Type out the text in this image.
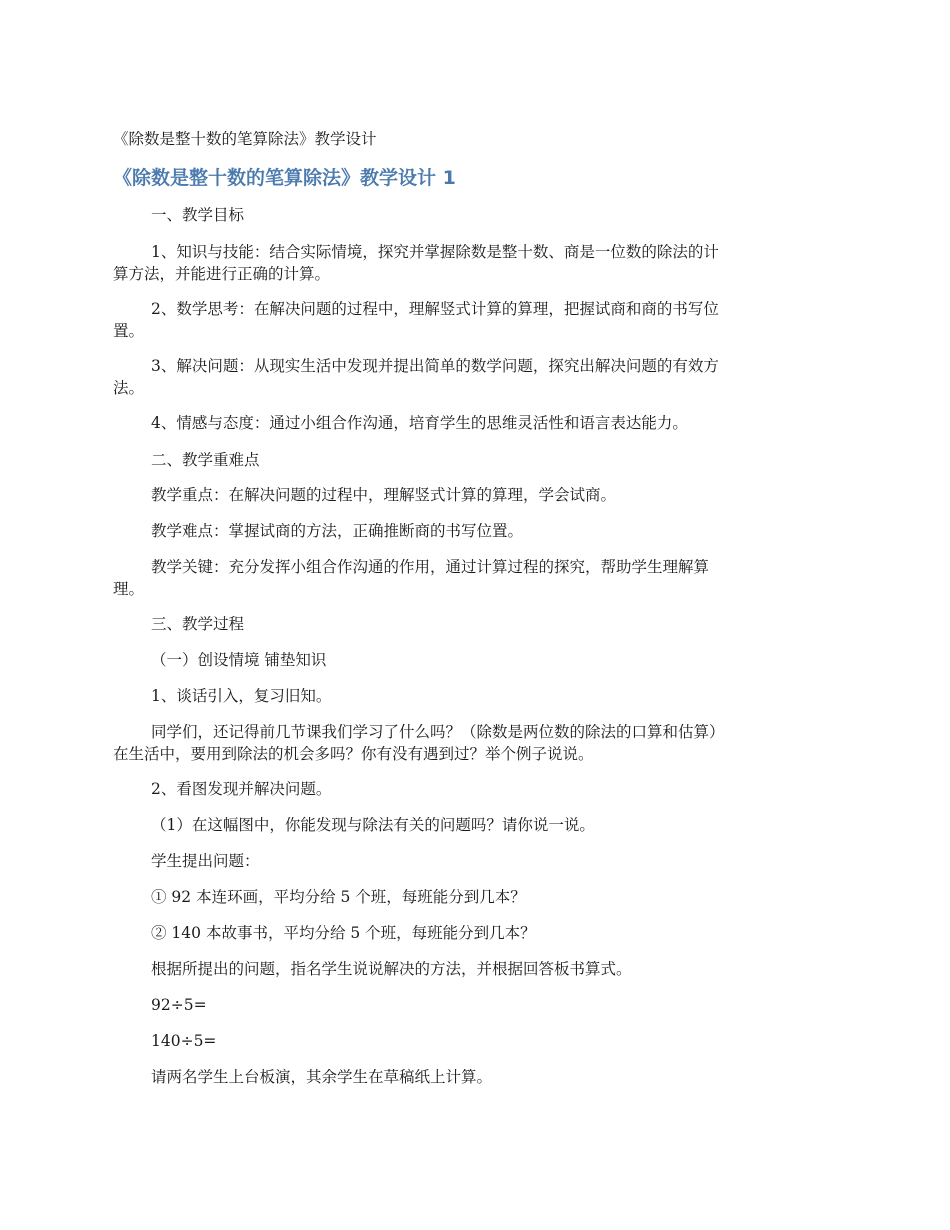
《除数是整十数的笔算除法》教学设计
《除数是整十数的笔算除法》教学设计 1
一、教学目标
1、知识与技能：结合实际情境，探究并掌握除数是整十数、商是一位数的除法的计
算方法，并能进行正确的计算。
2、数学思考：在解决问题的过程中，理解竖式计算的算理，把握试商和商的书写位
置。
3、解决问题：从现实生活中发现并提出简单的数学问题，探究出解决问题的有效方
法。
4、情感与态度：通过小组合作沟通，培育学生的思维灵活性和语言表达能力。
二、教学重难点
教学重点：在解决问题的过程中，理解竖式计算的算理，学会试商。
教学难点：掌握试商的方法，正确推断商的书写位置。
教学关键：充分发挥小组合作沟通的作用，通过计算过程的探究，帮助学生理解算
理。
三、教学过程
（一）创设情境 铺垫知识
1、谈话引入，复习旧知。
同学们，还记得前几节课我们学习了什么吗？（除数是两位数的除法的口算和估算）
在生活中，要用到除法的机会多吗？你有没有遇到过？举个例子说说。
2、看图发现并解决问题。
（1）在这幅图中，你能发现与除法有关的问题吗？请你说一说。
学生提出问题：
① 92 本连环画，平均分给 5 个班，每班能分到几本？
② 140 本故事书，平均分给 5 个班，每班能分到几本？
根据所提出的问题，指名学生说说解决的方法，并根据回答板书算式。
92÷5=
140÷5=
请两名学生上台板演，其余学生在草稿纸上计算。
